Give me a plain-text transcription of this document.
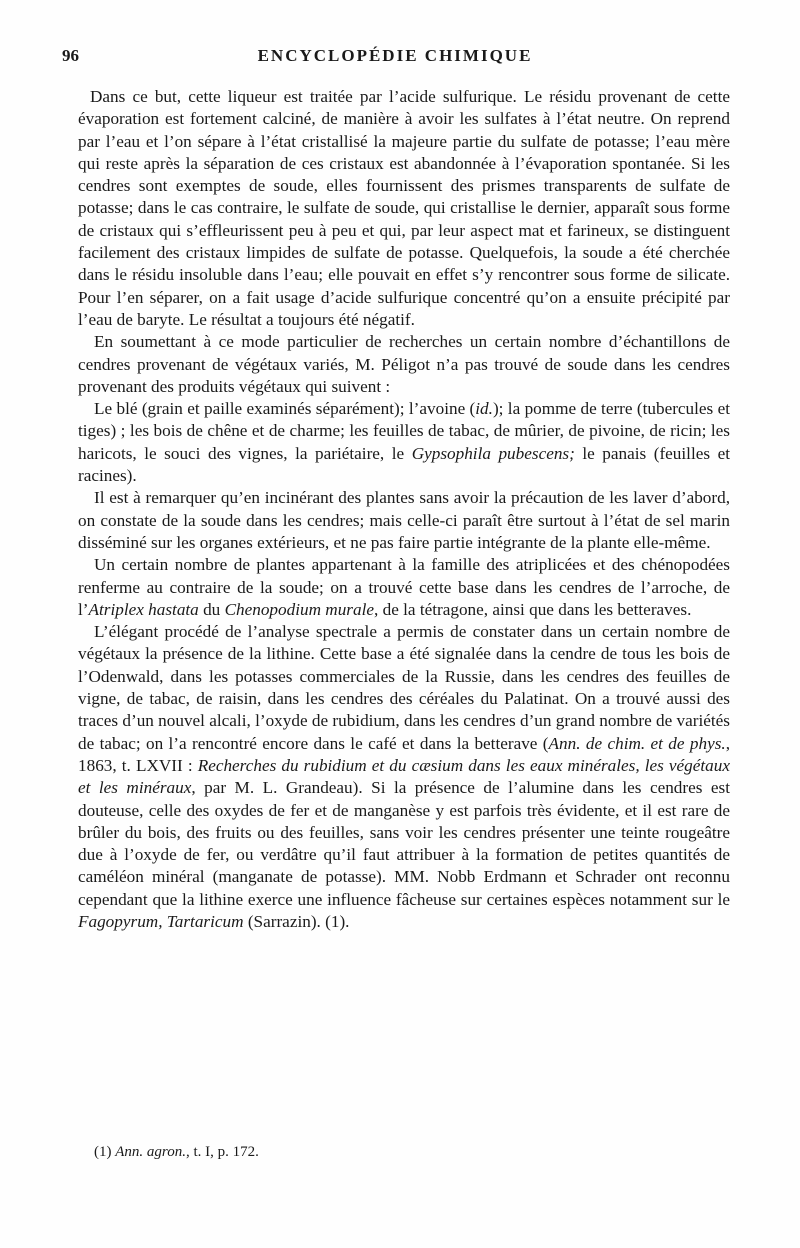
96	ENCYCLOPÉDIE CHIMIQUE

Dans ce but, cette liqueur est traitée par l’acide sulfurique. Le résidu provenant de cette évaporation est fortement calciné, de manière à avoir les sulfates à l’état neutre. On reprend par l’eau et l’on sépare à l’état cristallisé la majeure partie du sulfate de potasse; l’eau mère qui reste après la séparation de ces cristaux est abandonnée à l’évaporation spontanée. Si les cendres sont exemptes de soude, elles fournissent des prismes transparents de sulfate de potasse; dans le cas contraire, le sulfate de soude, qui cristallise le dernier, apparaît sous forme de cristaux qui s’effleurissent peu à peu et qui, par leur aspect mat et farineux, se distinguent facilement des cristaux limpides de sulfate de potasse. Quelquefois, la soude a été cherchée dans le résidu insoluble dans l’eau; elle pouvait en effet s’y rencontrer sous forme de silicate. Pour l’en séparer, on a fait usage d’acide sulfurique concentré qu’on a ensuite précipité par l’eau de baryte. Le résultat a toujours été négatif.

En soumettant à ce mode particulier de recherches un certain nombre d’échantillons de cendres provenant de végétaux variés, M. Péligot n’a pas trouvé de soude dans les cendres provenant des produits végétaux qui suivent :

Le blé (grain et paille examinés séparément); l’avoine (id.); la pomme de terre (tubercules et tiges) ; les bois de chêne et de charme; les feuilles de tabac, de mûrier, de pivoine, de ricin; les haricots, le souci des vignes, la pariétaire, le Gypsophila pubescens; le panais (feuilles et racines).

Il est à remarquer qu’en incinérant des plantes sans avoir la précaution de les laver d’abord, on constate de la soude dans les cendres; mais celle-ci paraît être surtout à l’état de sel marin disséminé sur les organes extérieurs, et ne pas faire partie intégrante de la plante elle-même.

Un certain nombre de plantes appartenant à la famille des atriplicées et des chénopodées renferme au contraire de la soude; on a trouvé cette base dans les cendres de l’arroche, de l’Atriplex hastata du Chenopodium murale, de la tétragone, ainsi que dans les betteraves.

L’élégant procédé de l’analyse spectrale a permis de constater dans un certain nombre de végétaux la présence de la lithine. Cette base a été signalée dans la cendre de tous les bois de l’Odenwald, dans les potasses commerciales de la Russie, dans les cendres des feuilles de vigne, de tabac, de raisin, dans les cendres des céréales du Palatinat. On a trouvé aussi des traces d’un nouvel alcali, l’oxyde de rubidium, dans les cendres d’un grand nombre de variétés de tabac; on l’a rencontré encore dans le café et dans la betterave (Ann. de chim. et de phys., 1863, t. LXVII : Recherches du rubidium et du cæsium dans les eaux minérales, les végétaux et les minéraux, par M. L. Grandeau). Si la présence de l’alumine dans les cendres est douteuse, celle des oxydes de fer et de manganèse y est parfois très évidente, et il est rare de brûler du bois, des fruits ou des feuilles, sans voir les cendres présenter une teinte rougeâtre due à l’oxyde de fer, ou verdâtre qu’il faut attribuer à la formation de petites quantités de caméléon minéral (manganate de potasse). MM. Nobb Erdmann et Schrader ont reconnu cependant que la lithine exerce une influence fâcheuse sur certaines espèces notamment sur le Fagopyrum, Tartaricum (Sarrazin). (1).

(1) Ann. agron., t. I, p. 172.
